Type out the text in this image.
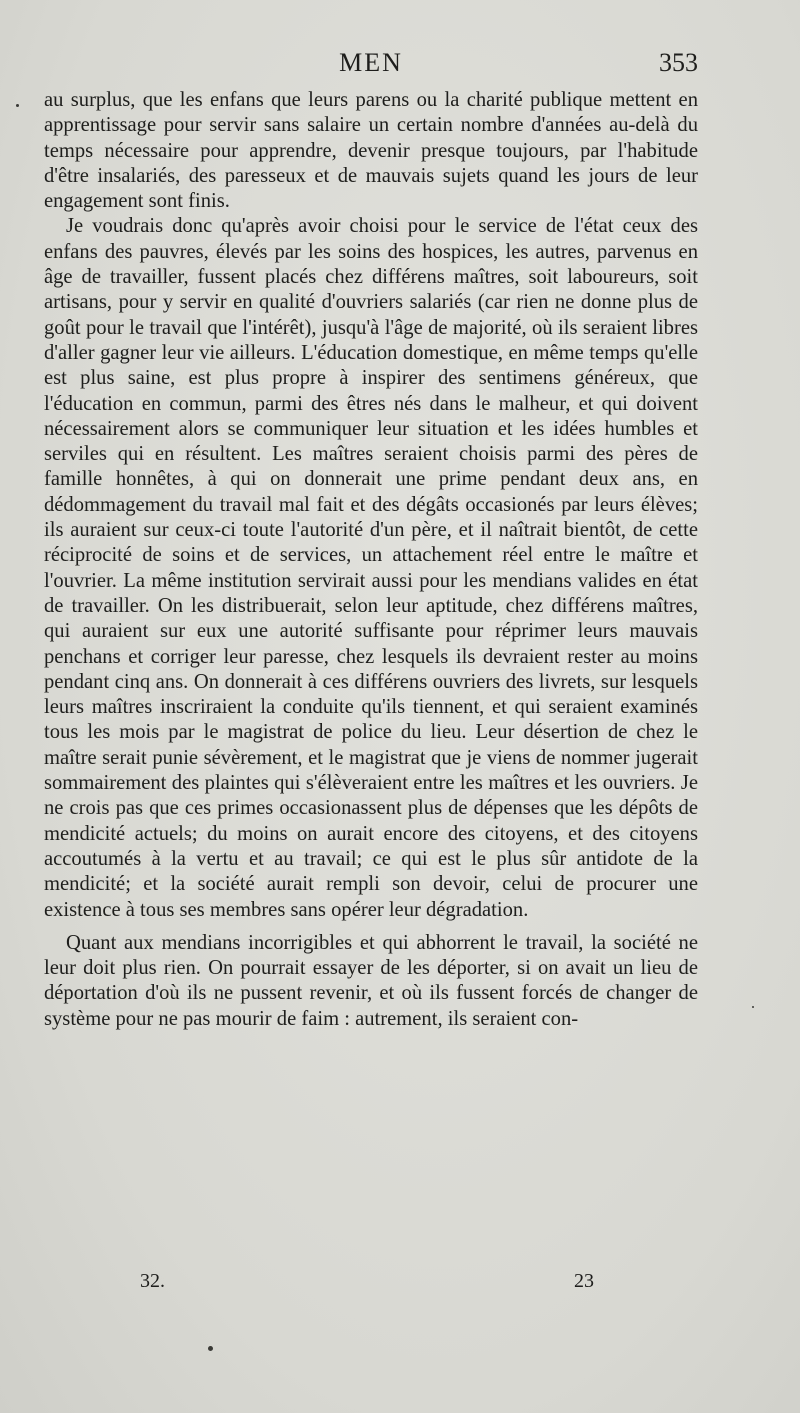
MEN	353

au surplus, que les enfans que leurs parens ou la charité publique mettent en apprentissage pour servir sans salaire un certain nombre d'années au-delà du temps nécessaire pour apprendre, devenir presque toujours, par l'habitude d'être insalariés, des paresseux et de mauvais sujets quand les jours de leur engagement sont finis.

Je voudrais donc qu'après avoir choisi pour le service de l'état ceux des enfans des pauvres, élevés par les soins des hospices, les autres, parvenus en âge de travailler, fussent placés chez différens maîtres, soit laboureurs, soit artisans, pour y servir en qualité d'ouvriers salariés (car rien ne donne plus de goût pour le travail que l'intérêt), jusqu'à l'âge de majorité, où ils seraient libres d'aller gagner leur vie ailleurs. L'éducation domestique, en même temps qu'elle est plus saine, est plus propre à inspirer des sentimens généreux, que l'éducation en commun, parmi des êtres nés dans le malheur, et qui doivent nécessairement alors se communiquer leur situation et les idées humbles et serviles qui en résultent. Les maîtres seraient choisis parmi des pères de famille honnêtes, à qui on donnerait une prime pendant deux ans, en dédommagement du travail mal fait et des dégâts occasionés par leurs élèves; ils auraient sur ceux-ci toute l'autorité d'un père, et il naîtrait bientôt, de cette réciprocité de soins et de services, un attachement réel entre le maître et l'ouvrier. La même institution servirait aussi pour les mendians valides en état de travailler. On les distribuerait, selon leur aptitude, chez différens maîtres, qui auraient sur eux une autorité suffisante pour réprimer leurs mauvais penchans et corriger leur paresse, chez lesquels ils devraient rester au moins pendant cinq ans. On donnerait à ces différens ouvriers des livrets, sur lesquels leurs maîtres inscriraient la conduite qu'ils tiennent, et qui seraient examinés tous les mois par le magistrat de police du lieu. Leur désertion de chez le maître serait punie sévèrement, et le magistrat que je viens de nommer jugerait sommairement des plaintes qui s'élèveraient entre les maîtres et les ouvriers. Je ne crois pas que ces primes occasionassent plus de dépenses que les dépôts de mendicité actuels; du moins on aurait encore des citoyens, et des citoyens accoutumés à la vertu et au travail; ce qui est le plus sûr antidote de la mendicité; et la société aurait rempli son devoir, celui de procurer une existence à tous ses membres sans opérer leur dégradation.

Quant aux mendians incorrigibles et qui abhorrent le travail, la société ne leur doit plus rien. On pourrait essayer de les déporter, si on avait un lieu de déportation d'où ils ne pussent revenir, et où ils fussent forcés de changer de système pour ne pas mourir de faim : autrement, ils seraient con-

32.	23
